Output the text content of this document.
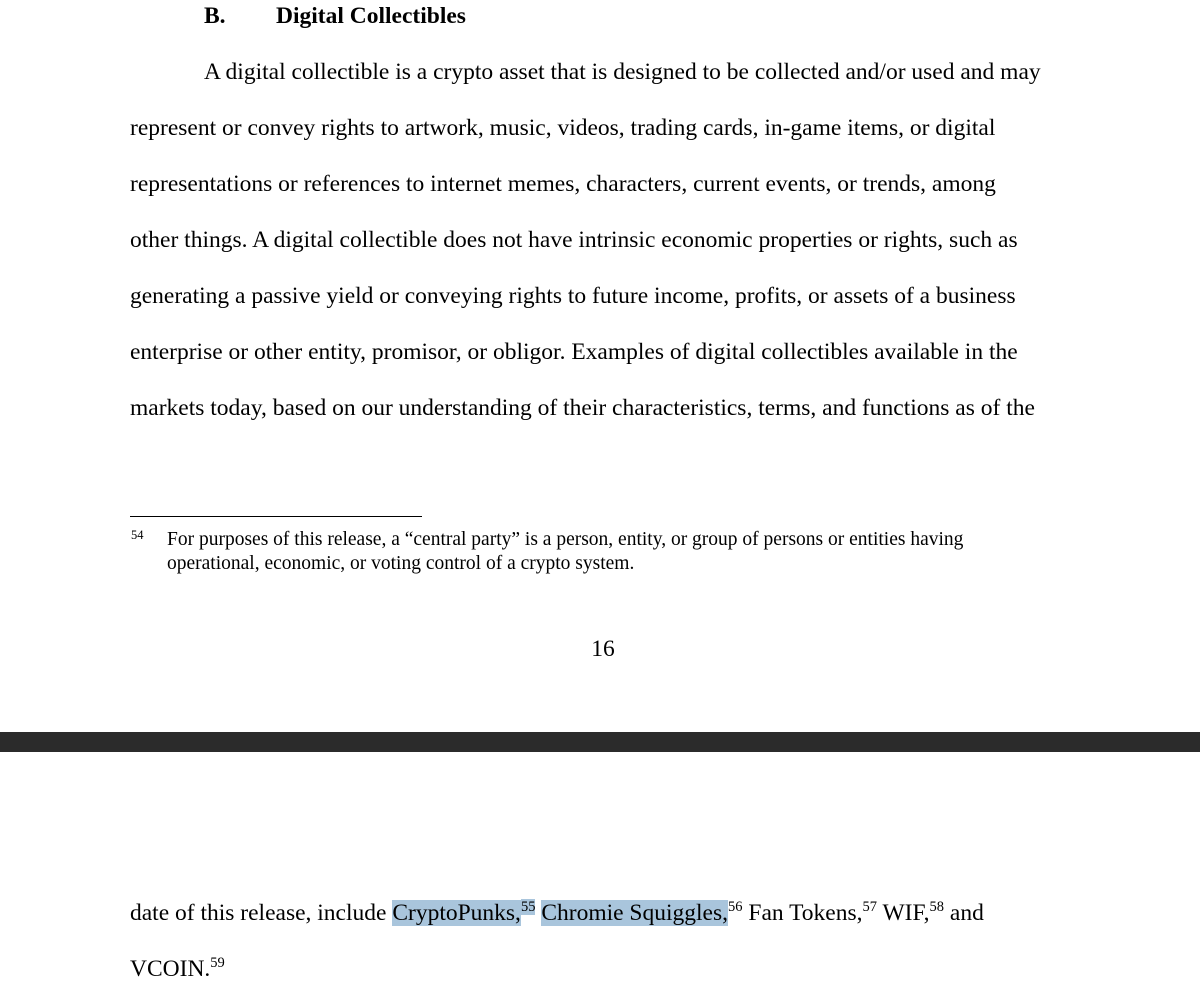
B. Digital Collectibles
A digital collectible is a crypto asset that is designed to be collected and/or used and may
represent or convey rights to artwork, music, videos, trading cards, in-game items, or digital
representations or references to internet memes, characters, current events, or trends, among
other things. A digital collectible does not have intrinsic economic properties or rights, such as
generating a passive yield or conveying rights to future income, profits, or assets of a business
enterprise or other entity, promisor, or obligor. Examples of digital collectibles available in the
markets today, based on our understanding of their characteristics, terms, and functions as of the
54 For purposes of this release, a “central party” is a person, entity, or group of persons or entities having
operational, economic, or voting control of a crypto system.
16
date of this release, include CryptoPunks,$^{55}$ Chromie Squiggles,$^{56}$ Fan Tokens,$^{57}$ WIF,$^{58}$ and
VCOIN.$^{59}$
